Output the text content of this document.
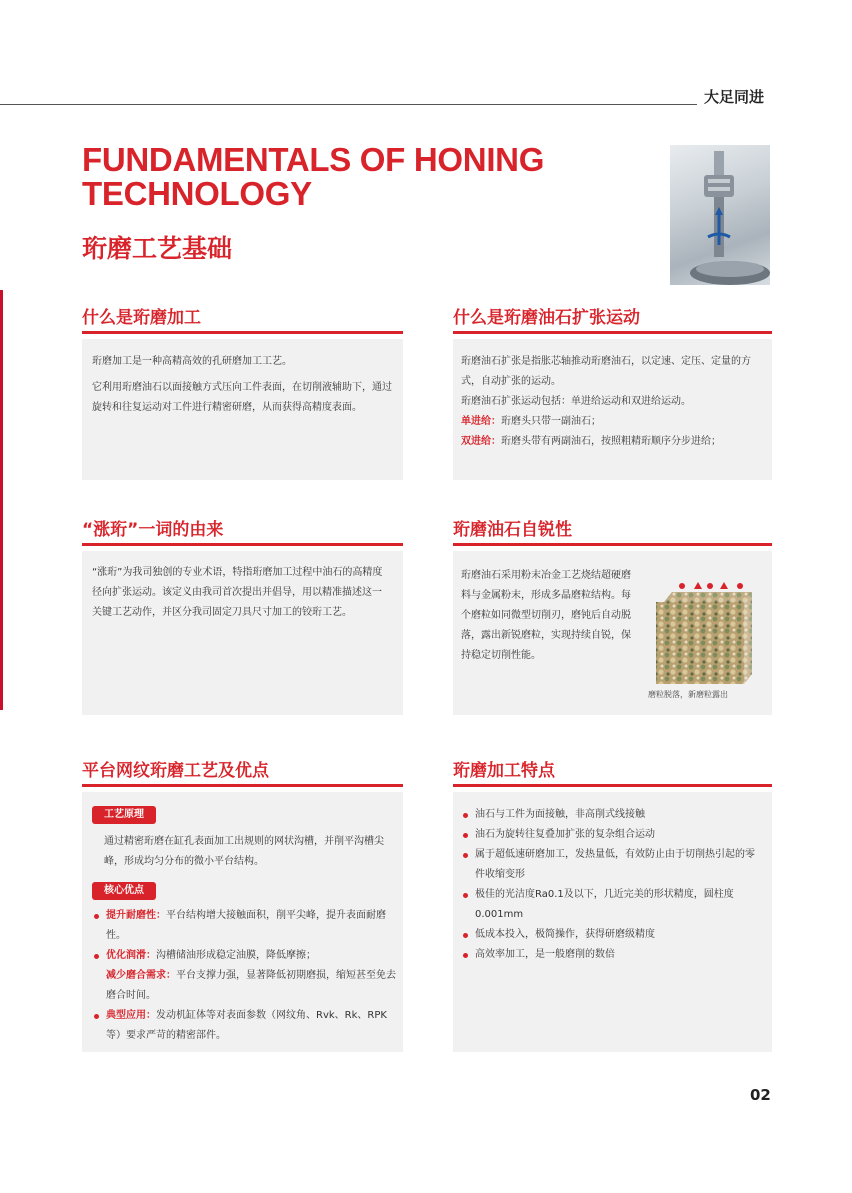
大足同进
FUNDAMENTALS OF HONING TECHNOLOGY
珩磨工艺基础
什么是珩磨加工

珩磨加工是一种高精高效的孔研磨加工工艺。

它利用珩磨油石以面接触方式压向工件表面，在切削液辅助下，通过旋转和往复运动对工件进行精密研磨，从而获得高精度表面。

什么是珩磨油石扩张运动

珩磨油石扩张是指胀芯轴推动珩磨油石，以定速、定压、定量的方式，自动扩张的运动。

珩磨油石扩张运动包括：单进给运动和双进给运动。

单进给：珩磨头只带一副油石；

双进给：珩磨头带有两副油石，按照粗精珩顺序分步进给；

“涨珩”一词的由来

“涨珩”为我司独创的专业术语，特指珩磨加工过程中油石的高精度径向扩张运动。该定义由我司首次提出并倡导，用以精准描述这一关键工艺动作，并区分我司固定刀具尺寸加工的铰珩工艺。

珩磨油石自锐性

珩磨油石采用粉末冶金工艺烧结超硬磨料与金属粉末，形成多晶磨粒结构。每个磨粒如同微型切削刃，磨钝后自动脱落，露出新锐磨粒，实现持续自锐，保持稳定切削性能。

磨粒脱落，新磨粒露出
平台网纹珩磨工艺及优点
工艺原理

通过精密珩磨在缸孔表面加工出规则的网状沟槽，并削平沟槽尖峰，形成均匀分布的微小平台结构。

核心优点
提升耐磨性：平台结构增大接触面积，削平尖峰，提升表面耐磨性。
优化润滑：沟槽储油形成稳定油膜，降低摩擦；
减少磨合需求：平台支撑力强，显著降低初期磨损，缩短甚至免去磨合时间。
典型应用：发动机缸体等对表面参数（网纹角、Rvk、Rk、RPK等）要求严苛的精密部件。
珩磨加工特点
油石与工件为面接触，非高削式线接触
油石为旋转往复叠加扩张的复杂组合运动
属于超低速研磨加工，发热量低，有效防止由于切削热引起的零件收缩变形
极佳的光洁度Ra0.1及以下，几近完美的形状精度，圆柱度0.001mm
低成本投入，极简操作，获得研磨级精度
高效率加工，是一般磨削的数倍
02
